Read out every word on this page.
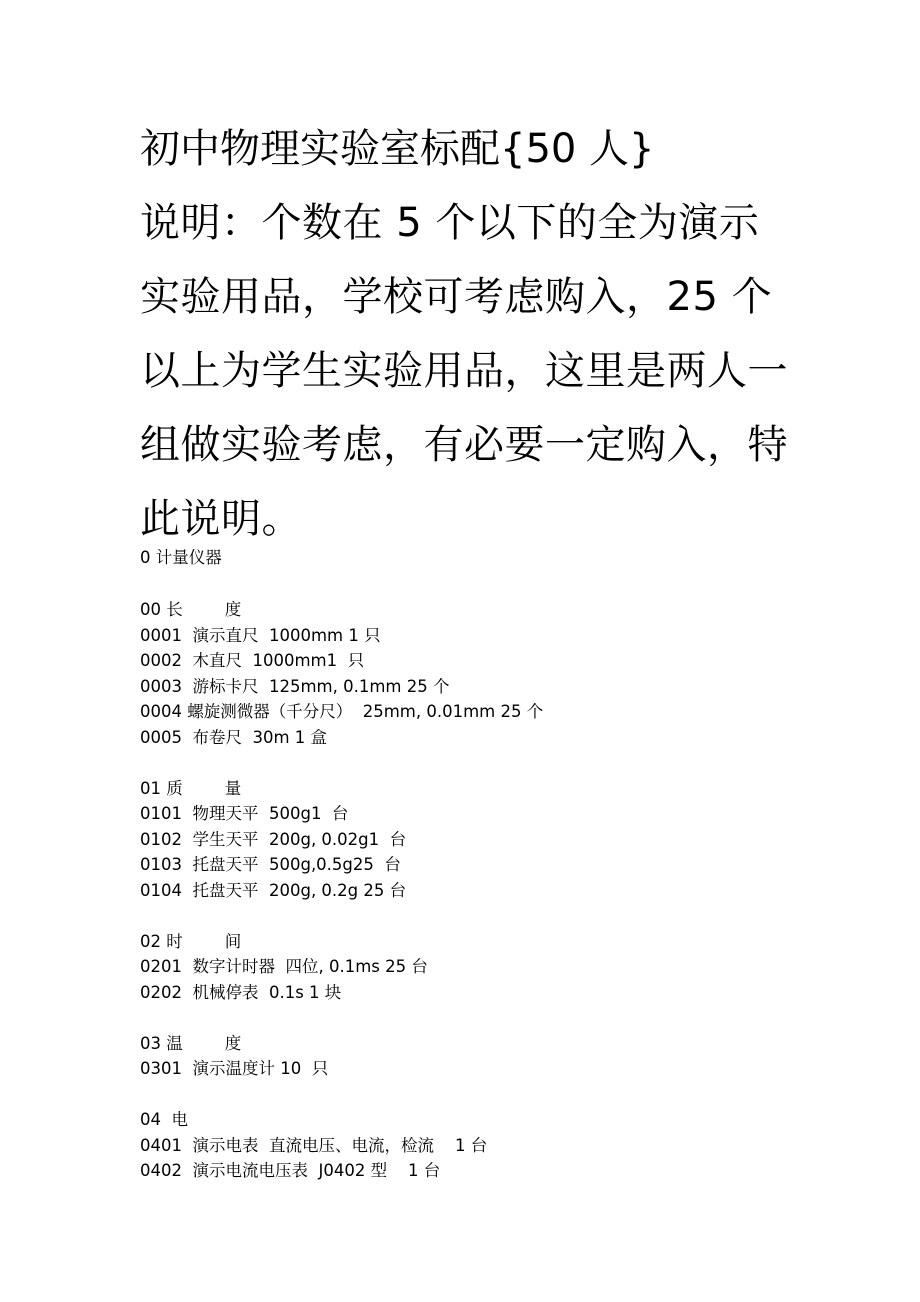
初中物理实验室标配{50 人}

说明：个数在 5 个以下的全为演示实验用品，学校可考虑购入，25 个以上为学生实验用品，这里是两人一组做实验考虑，有必要一定购入，特此说明。

0 计量仪器
00 长        度
0001  演示直尺  1000mm 1 只
0002  木直尺  1000mm1  只
0003  游标卡尺  125mm, 0.1mm 25 个
0004 螺旋测微器（千分尺）  25mm, 0.01mm 25 个
0005  布卷尺  30m 1 盒
01 质        量
0101  物理天平  500g1  台
0102  学生天平  200g, 0.02g1  台
0103  托盘天平  500g,0.5g25  台
0104  托盘天平  200g, 0.2g 25 台
02 时        间
0201  数字计时器  四位, 0.1ms 25 台
0202  机械停表  0.1s 1 块
03 温        度
0301  演示温度计 10  只
04  电
0401  演示电表  直流电压、电流，检流    1 台
0402  演示电流电压表  J0402 型    1 台
